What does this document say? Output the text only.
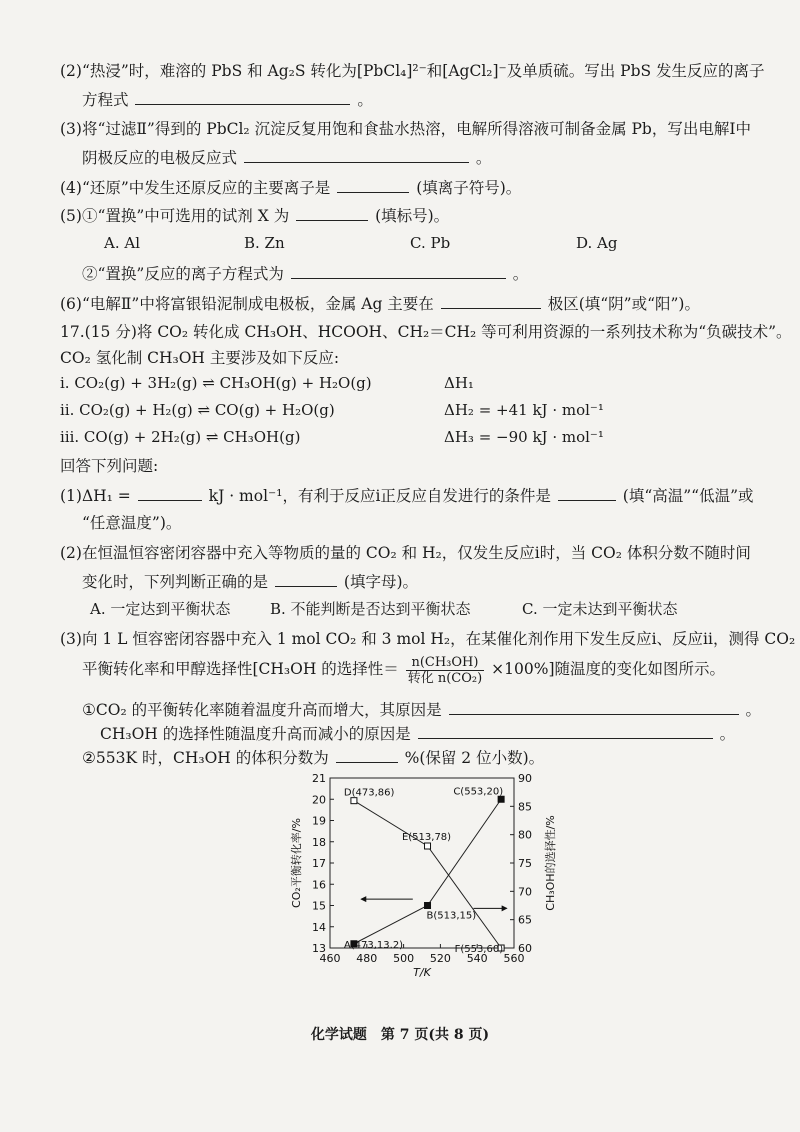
(2)“热浸”时，难溶的 PbS 和 Ag₂S 转化为[PbCl₄]²⁻和[AgCl₂]⁻及单质硫。写出 PbS 发生反应的离子
方程式	。
(3)将“过滤Ⅱ”得到的 PbCl₂ 沉淀反复用饱和食盐水热溶，电解所得溶液可制备金属 Pb，写出电解Ⅰ中
阴极反应的电极反应式	。
(4)“还原”中发生还原反应的主要离子是	(填离子符号)。
(5)①“置换”中可选用的试剂 X 为	(填标号)。
A. Al	B. Zn	C. Pb	D. Ag
②“置换”反应的离子方程式为	。
(6)“电解Ⅱ”中将富银铅泥制成电极板，金属 Ag 主要在	极区(填“阴”或“阳”)。
17.(15 分)将 CO₂ 转化成 CH₃OH、HCOOH、CH₂＝CH₂ 等可利用资源的一系列技术称为“负碳技术”。
CO₂ 氢化制 CH₃OH 主要涉及如下反应:
ⅰ. CO₂(g) + 3H₂(g) ⇌ CH₃OH(g) + H₂O(g)	ΔH₁
ⅱ. CO₂(g) + H₂(g) ⇌ CO(g) + H₂O(g)	ΔH₂ = +41 kJ · mol⁻¹
ⅲ. CO(g) + 2H₂(g) ⇌ CH₃OH(g)	ΔH₃ = −90 kJ · mol⁻¹
回答下列问题:
(1)ΔH₁ =	kJ · mol⁻¹，有利于反应ⅰ正反应自发进行的条件是	(填“高温”“低温”或
“任意温度”)。
(2)在恒温恒容密闭容器中充入等物质的量的 CO₂ 和 H₂，仅发生反应ⅰ时，当 CO₂ 体积分数不随时间
变化时，下列判断正确的是	(填字母)。
A. 一定达到平衡状态	B. 不能判断是否达到平衡状态	C. 一定未达到平衡状态
(3)向 1 L 恒容密闭容器中充入 1 mol CO₂ 和 3 mol H₂，在某催化剂作用下发生反应ⅰ、反应ⅱ，测得 CO₂
平衡转化率和甲醇选择性[CH₃OH 的选择性＝ $\frac{\text{n(CH₃OH)}}{\text{转化 n(CO₂)}} \times 100\%$]随温度的变化如图所示。
①CO₂ 的平衡转化率随着温度升高而增大，其原因是	。
CH₃OH 的选择性随温度升高而减小的原因是	。
②553K 时，CH₃OH 的体积分数为	%(保留 2 位小数)。
460 480 500 520 540 560
13
14
15
16
17
18
19
20
21
60
65
70
75
80
85
90
T/K
CO₂平衡转化率/%	CH₃OH的选择性/%
A(473,13.2)
B(513,15)
C(553,20)
D(473,86)
E(513,78)
F(553,60)
化学试题　第 7 页(共 8 页)
